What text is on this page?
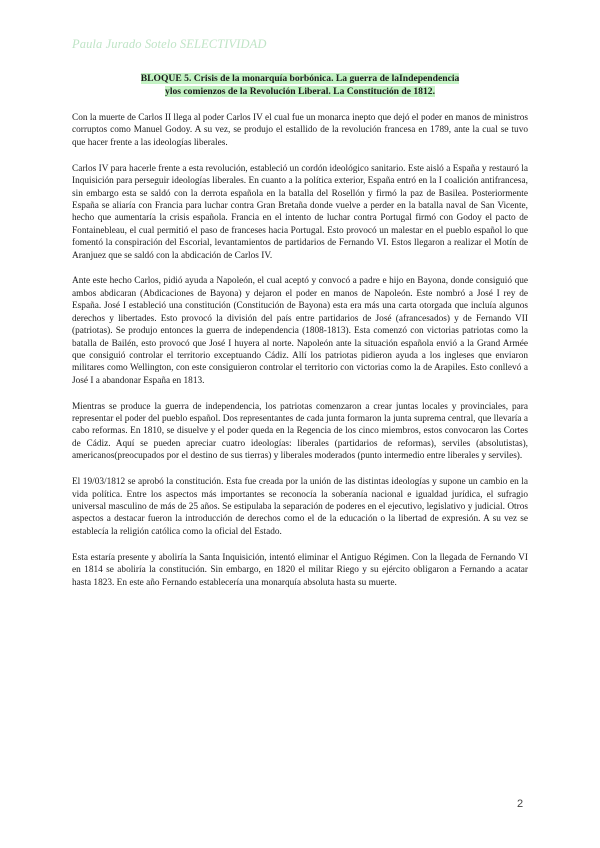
Paula Jurado Sotelo SELECTIVIDAD
BLOQUE 5. Crisis de la monarquía borbónica. La guerra de laIndependencia
ylos comienzos de la Revolución Liberal. La Constitución de 1812.

Con la muerte de Carlos II llega al poder Carlos IV el cual fue un monarca inepto que dejó el poder en manos de ministros corruptos como Manuel Godoy. A su vez, se produjo el estallido de la revolución francesa en 1789, ante la cual se tuvo que hacer frente a las ideologías liberales.

Carlos IV para hacerle frente a esta revolución, estableció un cordón ideológico sanitario. Este aisló a España y restauró la Inquisición para perseguir ideologías liberales. En cuanto a la política exterior, España entró en la I coalición antifrancesa, sin embargo esta se saldó con la derrota española en la batalla del Rosellón y firmó la paz de Basilea. Posteriormente España se aliaría con Francia para luchar contra Gran Bretaña donde vuelve a perder en la batalla naval de San Vicente, hecho que aumentaría la crisis española. Francia en el intento de luchar contra Portugal firmó con Godoy el pacto de Fontainebleau, el cual permitió el paso de franceses hacia Portugal. Esto provocó un malestar en el pueblo español lo que fomentó la conspiración del Escorial, levantamientos de partidarios de Fernando VI. Estos llegaron a realizar el Motín de Aranjuez que se saldó con la abdicación de Carlos IV.

Ante este hecho Carlos, pidió ayuda a Napoleón, el cual aceptó y convocó a padre e hijo en Bayona, donde consiguió que ambos abdicaran (Abdicaciones de Bayona) y dejaron el poder en manos de Napoleón. Este nombró a José I rey de España. José I estableció una constitución (Constitución de Bayona) esta era más una carta otorgada que incluía algunos derechos y libertades. Esto provocó la división del país entre partidarios de José (afrancesados) y de Fernando VII (patriotas). Se produjo entonces la guerra de independencia (1808-1813). Esta comenzó con victorias patriotas como la batalla de Bailén, esto provocó que José I huyera al norte. Napoleón ante la situación española envió a la Grand Armée que consiguió controlar el territorio exceptuando Cádiz. Allí los patriotas pidieron ayuda a los ingleses que enviaron militares como Wellington, con este consiguieron controlar el territorio con victorias como la de Arapiles. Esto conllevó a José I a abandonar España en 1813.

Mientras se produce la guerra de independencia, los patriotas comenzaron a crear juntas locales y provinciales, para representar el poder del pueblo español. Dos representantes de cada junta formaron la junta suprema central, que llevaría a cabo reformas. En 1810, se disuelve y el poder queda en la Regencia de los cinco miembros, estos convocaron las Cortes de Cádiz. Aquí se pueden apreciar cuatro ideologías: liberales (partidarios de reformas), serviles (absolutistas), americanos(preocupados por el destino de sus tierras) y liberales moderados (punto intermedio entre liberales y serviles).

El 19/03/1812 se aprobó la constitución. Esta fue creada por la unión de las distintas ideologías y supone un cambio en la vida política. Entre los aspectos más importantes se reconocía la soberanía nacional e igualdad jurídica, el sufragio universal masculino de más de 25 años. Se estipulaba la separación de poderes en el ejecutivo, legislativo y judicial. Otros aspectos a destacar fueron la introducción de derechos como el de la educación o la libertad de expresión. A su vez se establecía la religión católica como la oficial del Estado.

Esta estaría presente y aboliría la Santa Inquisición, intentó eliminar el Antiguo Régimen. Con la llegada de Fernando VI en 1814 se aboliría la constitución. Sin embargo, en 1820 el militar Riego y su ejército obligaron a Fernando a acatar hasta 1823. En este año Fernando establecería una monarquía absoluta hasta su muerte.

2
